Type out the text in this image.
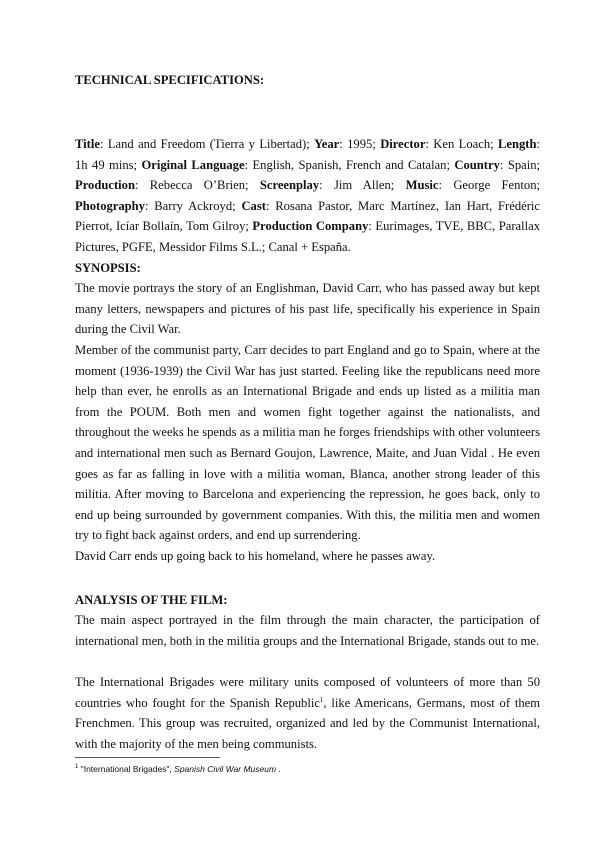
TECHNICAL SPECIFICATIONS:
Title: Land and Freedom (Tierra y Libertad); Year: 1995; Director: Ken Loach; Length: 1h 49 mins; Original Language: English, Spanish, French and Catalan; Country: Spain; Production: Rebecca O’Brien; Screenplay: Jim Allen; Music: George Fenton; Photography: Barry Ackroyd; Cast: Rosana Pastor, Marc Martínez, Ian Hart, Frédéric Pierrot, Icíar Bollaín, Tom Gilroy; Production Company: Eurimages, TVE, BBC, Parallax Pictures, PGFE, Messidor Films S.L.; Canal + España.
SYNOPSIS:
The movie portrays the story of an Englishman, David Carr, who has passed away but kept many letters, newspapers and pictures of his past life, specifically his experience in Spain during the Civil War.
Member of the communist party, Carr decides to part England and go to Spain, where at the moment (1936-1939) the Civil War has just started. Feeling like the republicans need more help than ever, he enrolls as an International Brigade and ends up listed as a militia man from the POUM. Both men and women fight together against the nationalists, and throughout the weeks he spends as a militia man he forges friendships with other volunteers and international men such as Bernard Goujon, Lawrence, Maite, and Juan Vidal . He even goes as far as falling in love with a militia woman, Blanca, another strong leader of this militia. After moving to Barcelona and experiencing the repression, he goes back, only to end up being surrounded by government companies. With this, the militia men and women try to fight back against orders, and end up surrendering.
David Carr ends up going back to his homeland, where he passes away.
ANALYSIS OF THE FILM:
The main aspect portrayed in the film through the main character, the participation of international men, both in the militia groups and the International Brigade, stands out to me.
The International Brigades were military units composed of volunteers of more than 50 countries who fought for the Spanish Republic$^1$, like Americans, Germans, most of them Frenchmen. This group was recruited, organized and led by the Communist International, with the majority of the men being communists.
$^1$ "International Brigades", Spanish Civil War Museum .
